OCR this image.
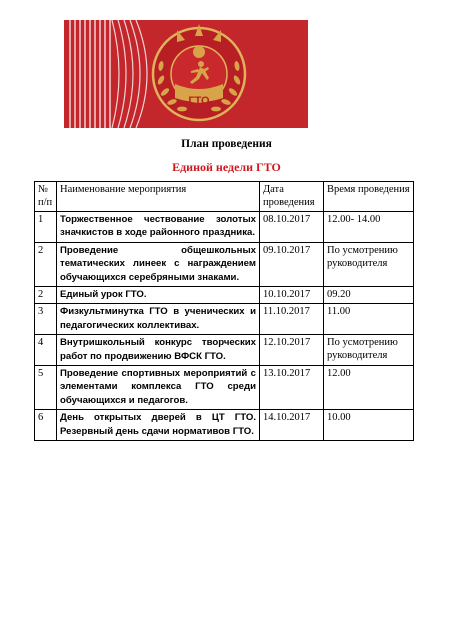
ГТО
План проведения
Единой недели ГТО
№ п/п	Наименование мероприятия	Дата проведения	Время проведения
1	Торжественное чествование золотых значкистов в ходе районного праздника.	08.10.2017	12.00- 14.00
2	Проведение общешкольных тематических линеек с награждением обучающихся серебряными знаками.	09.10.2017	По усмотрению руководителя
2	Единый урок ГТО.	10.10.2017	09.20
3	Физкультминутка ГТО в ученических и педагогических коллективах.	11.10.2017	11.00
4	Внутришкольный конкурс творческих работ по продвижению ВФСК ГТО.	12.10.2017	По усмотрению руководителя
5	Проведение спортивных мероприятий с элементами комплекса ГТО среди обучающихся и педагогов.	13.10.2017	12.00
6	День открытых дверей в ЦТ ГТО. Резервный день сдачи нормативов ГТО.	14.10.2017	10.00
